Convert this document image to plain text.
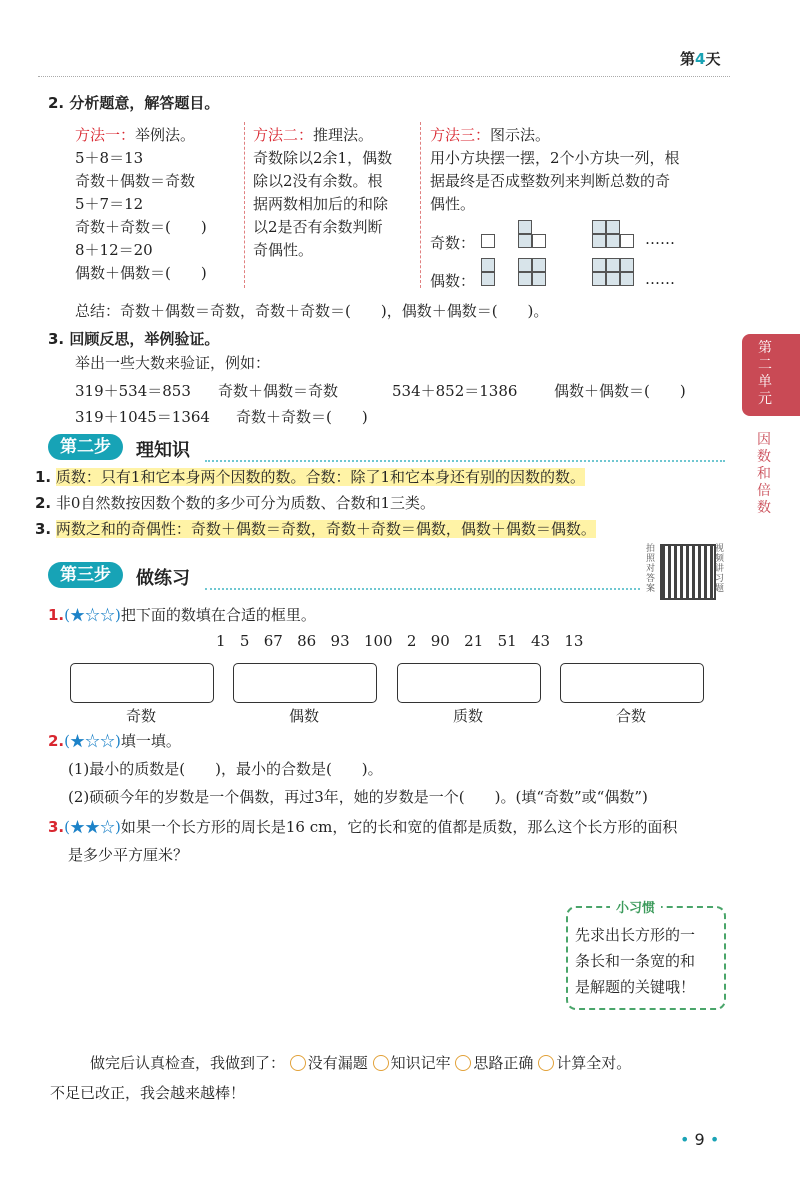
第4天
2. 分析题意，解答题目。
方法一：举例法。
5＋8＝13
奇数＋偶数＝奇数
5＋7＝12
奇数＋奇数＝(　　)
8＋12＝20
偶数＋偶数＝(　　)
方法二：推理法。
奇数除以2余1，偶数
除以2没有余数。根
据两数相加后的和除
以2是否有余数判断
奇偶性。
方法三：图示法。
用小方块摆一摆，2个小方块一列，根
据最终是否成整数列来判断总数的奇
偶性。
奇数：
偶数：
……
……
总结：奇数＋偶数＝奇数，奇数＋奇数＝(　　)，偶数＋偶数＝(　　)。
3. 回顾反思，举例验证。
举出一些大数来验证，例如：
319＋534＝853 奇数＋偶数＝奇数	534＋852＝1386 偶数＋偶数＝(　　)
319＋1045＝1364 奇数＋奇数＝(　　)
第二步	理知识
1. 质数：只有1和它本身两个因数的数。合数：除了1和它本身还有别的因数的数。
2. 非0自然数按因数个数的多少可分为质数、合数和1三类。
3. 两数之和的奇偶性：奇数＋偶数＝奇数，奇数＋奇数＝偶数，偶数＋偶数＝偶数。
第三步	做练习
拍照对答案
视频讲习题
1.(★☆☆)把下面的数填在合适的框里。
1 5 67 86 93 100 2 90 21 51 43 13
奇数	偶数	质数	合数
2.(★☆☆)填一填。
(1)最小的质数是(　　)，最小的合数是(　　)。
(2)硕硕今年的岁数是一个偶数，再过3年，她的岁数是一个(　　)。(填“奇数”或“偶数”)
3.(★★☆)如果一个长方形的周长是16 cm，它的长和宽的值都是质数，那么这个长方形的面积
是多少平方厘米？
小习惯
先求出长方形的一
条长和一条宽的和
是解题的关键哦！
做完后认真检查，我做到了： 没有漏题 知识记牢 思路正确 计算全对。
不足已改正，我会越来越棒！
第二单元
因数和倍数
• 9 •
